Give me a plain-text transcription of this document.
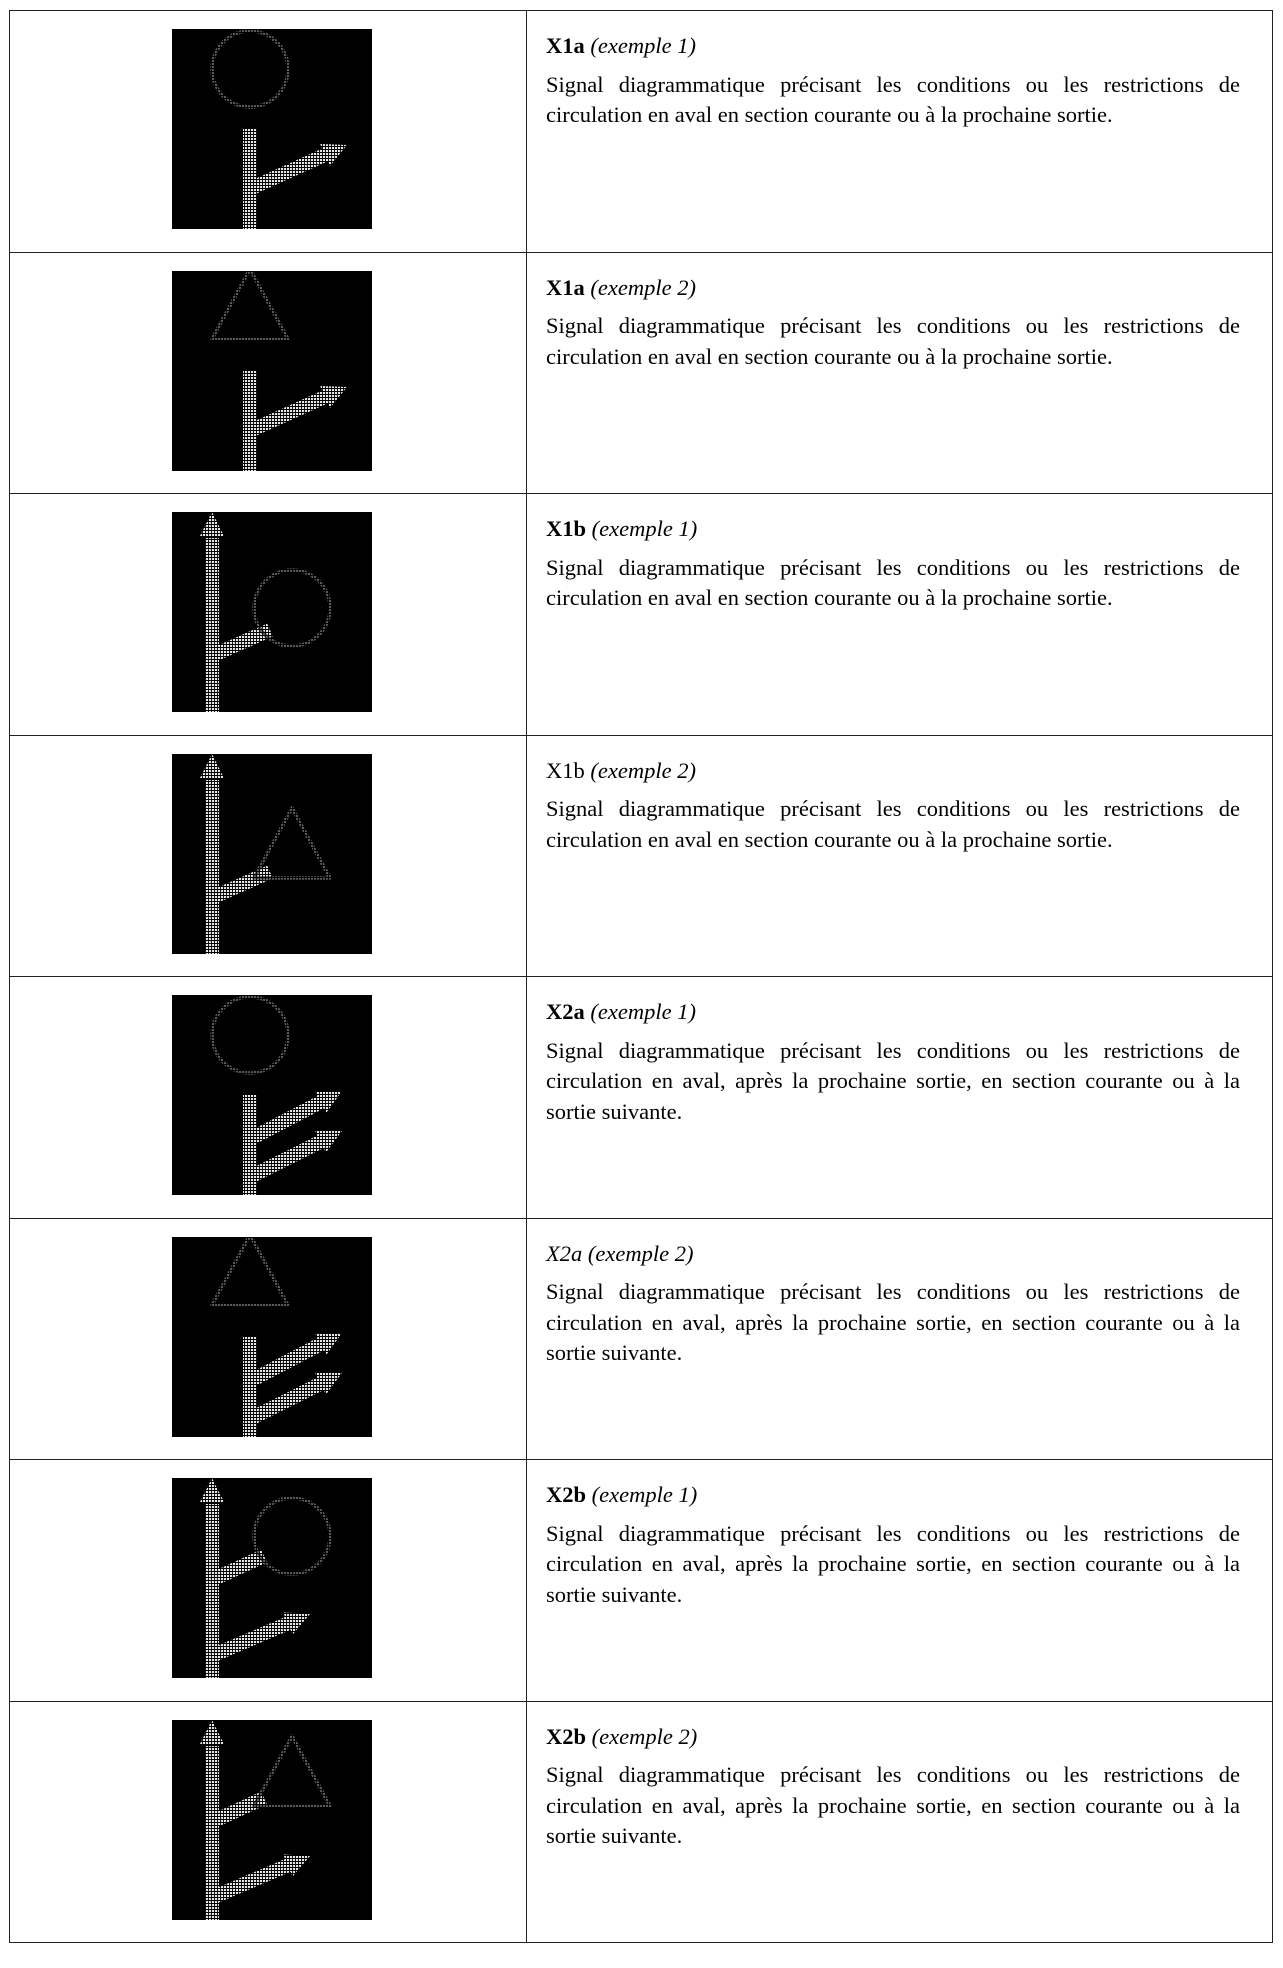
X1a (exemple 1)
Signal diagrammatique précisant les conditions ou les restrictions de circulation en aval en section courante ou à la prochaine sortie.

X1a (exemple 2)
Signal diagrammatique précisant les conditions ou les restrictions de circulation en aval en section courante ou à la prochaine sortie.

X1b (exemple 1)
Signal diagrammatique précisant les conditions ou les restrictions de circulation en aval en section courante ou à la prochaine sortie.

X1b (exemple 2)
Signal diagrammatique précisant les conditions ou les restrictions de circulation en aval en section courante ou à la prochaine sortie.

X2a (exemple 1)
Signal diagrammatique précisant les conditions ou les restrictions de circulation en aval, après la prochaine sortie, en section courante ou à la sortie suivante.

X2a (exemple 2)
Signal diagrammatique précisant les conditions ou les restrictions de circulation en aval, après la prochaine sortie, en section courante ou à la sortie suivante.

X2b (exemple 1)
Signal diagrammatique précisant les conditions ou les restrictions de circulation en aval, après la prochaine sortie, en section courante ou à la sortie suivante.

X2b (exemple 2)
Signal diagrammatique précisant les conditions ou les restrictions de circulation en aval, après la prochaine sortie, en section courante ou à la sortie suivante.
